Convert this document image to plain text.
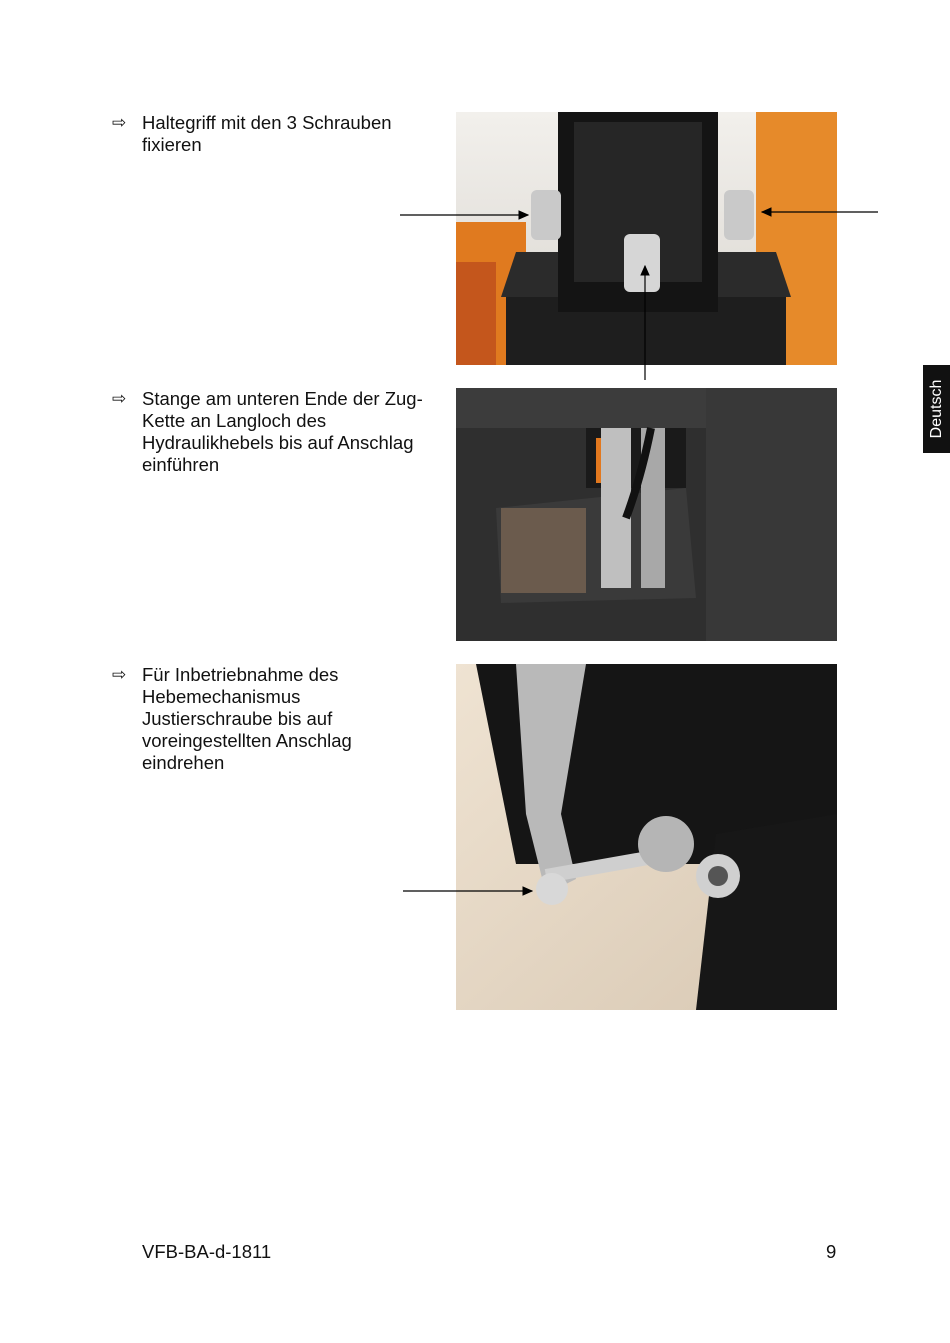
⇨ Haltegriff mit den 3 Schrauben
fixieren
⇨ Stange am unteren Ende der Zug-
Kette an Langloch des
Hydraulikhebels bis auf Anschlag
einführen
⇨ Für Inbetriebnahme des
Hebemechanismus
Justierschraube bis auf
voreingestellten Anschlag
eindrehen
Deutsch
VFB-BA-d-1811	9
